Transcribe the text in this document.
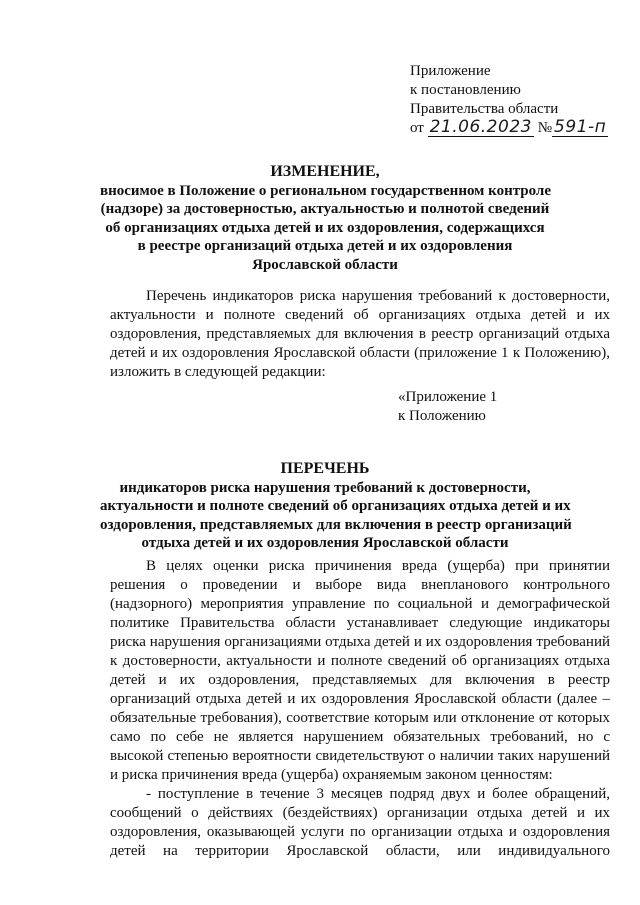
Приложение
к постановлению
Правительства области
от 21.06.2023 № 591-п
ИЗМЕНЕНИЕ,
вносимое в Положение о региональном государственном контроле
(надзоре) за достоверностью, актуальностью и полнотой сведений
об организациях отдыха детей и их оздоровления, содержащихся
в реестре организаций отдыха детей и их оздоровления
Ярославской области
Перечень индикаторов риска нарушения требований к достоверности,
актуальности и полноте сведений об организациях отдыха детей и их
оздоровления, представляемых для включения в реестр организаций отдыха
детей и их оздоровления Ярославской области (приложение 1 к Положению),
изложить в следующей редакции:
«Приложение 1
к Положению
ПЕРЕЧЕНЬ
индикаторов риска нарушения требований к достоверности,
актуальности и полноте сведений об организациях отдыха детей и их
оздоровления, представляемых для включения в реестр организаций
отдыха детей и их оздоровления Ярославской области
В целях оценки риска причинения вреда (ущерба) при принятии
решения о проведении и выборе вида внепланового контрольного
(надзорного) мероприятия управление по социальной и демографической
политике Правительства области устанавливает следующие индикаторы
риска нарушения организациями отдыха детей и их оздоровления требований
к достоверности, актуальности и полноте сведений об организациях отдыха
детей и их оздоровления, представляемых для включения в реестр
организаций отдыха детей и их оздоровления Ярославской области (далее –
обязательные требования), соответствие которым или отклонение от которых
само по себе не является нарушением обязательных требований, но с
высокой степенью вероятности свидетельствуют о наличии таких нарушений
и риска причинения вреда (ущерба) охраняемым законом ценностям:
- поступление в течение 3 месяцев подряд двух и более обращений,
сообщений о действиях (бездействиях) организации отдыха детей и их
оздоровления, оказывающей услуги по организации отдыха и оздоровления
детей на территории Ярославской области, или индивидуального
